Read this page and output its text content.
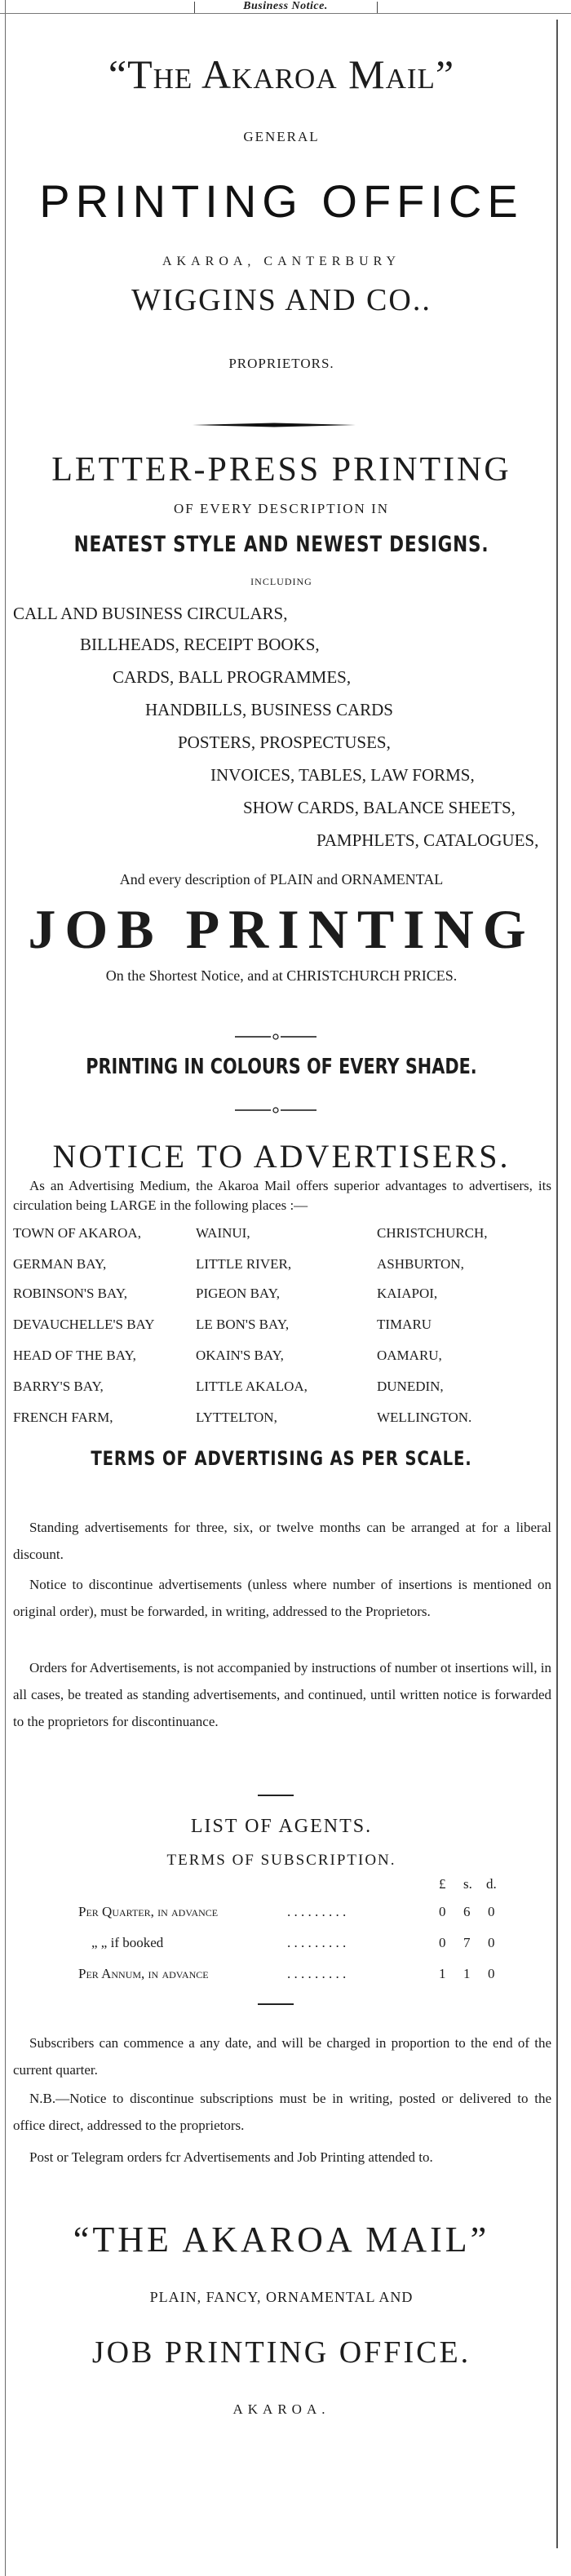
Business Notice.
“The Akaroa Mail”
GENERAL
PRINTING OFFICE
AKAROA, CANTERBURY
WIGGINS AND CO..
PROPRIETORS.
LETTER-PRESS PRINTING
OF EVERY DESCRIPTION IN
NEATEST STYLE AND NEWEST DESIGNS.
INCLUDING
CALL AND BUSINESS CIRCULARS,
BILLHEADS, RECEIPT BOOKS,
CARDS, BALL PROGRAMMES,
HANDBILLS, BUSINESS CARDS
POSTERS, PROSPECTUSES,
INVOICES, TABLES, LAW FORMS,
SHOW CARDS, BALANCE SHEETS,
PAMPHLETS, CATALOGUES,
And every description of PLAIN and ORNAMENTAL
JOB PRINTING
On the Shortest Notice, and at CHRISTCHURCH PRICES.
PRINTING IN COLOURS OF EVERY SHADE.
NOTICE TO ADVERTISERS.

As an Advertising Medium, the Akaroa Mail offers superior advantages to advertisers, its circulation being LARGE in the following places :—

TOWN OF AKAROA,	WAINUI,	CHRISTCHURCH,
GERMAN BAY,	LITTLE RIVER,	ASHBURTON,
ROBINSON'S BAY,	PIGEON BAY,	KAIAPOI,
DEVAUCHELLE'S BAY	LE BON'S BAY,	TIMARU
HEAD OF THE BAY,	OKAIN'S BAY,	OAMARU,
BARRY'S BAY,	LITTLE AKALOA,	DUNEDIN,
FRENCH FARM,	LYTTELTON,	WELLINGTON.
TERMS OF ADVERTISING AS PER SCALE.

Standing advertisements for three, six, or twelve months can be arranged at for a liberal discount.

Notice to discontinue advertisements (unless where number of insertions is mentioned on original order), must be forwarded, in writing, addressed to the Proprietors.

Orders for Advertisements, is not accompanied by instructions of number ot insertions will, in all cases, be treated as standing advertisements, and continued, until written notice is forwarded to the proprietors for discontinuance.

LIST OF AGENTS.
TERMS OF SUBSCRIPTION.
£ s. d.
Per Quarter, in advance	. . . . . . . . .	0 6 0
„ „ if booked	. . . . . . . . .	0 7 0
Per Annum, in advance	. . . . . . . . .	1 1 0

Subscribers can commence a any date, and will be charged in proportion to the end of the current quarter.

N.B.—Notice to discontinue subscriptions must be in writing, posted or delivered to the office direct, addressed to the proprietors.

Post or Telegram orders fcr Advertisements and Job Printing attended to.

“THE AKAROA MAIL”
PLAIN, FANCY, ORNAMENTAL AND
JOB PRINTING OFFICE.
AKAROA.
